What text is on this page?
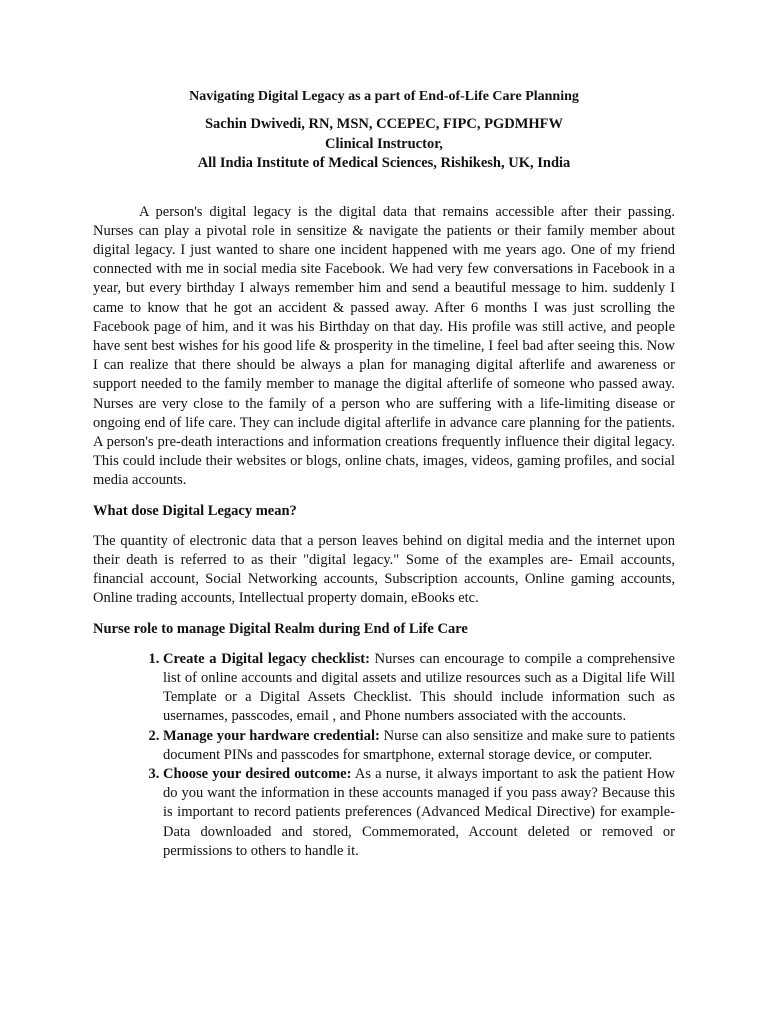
Navigating Digital Legacy as a part of End-of-Life Care Planning
Sachin Dwivedi, RN, MSN, CCEPEC, FIPC, PGDMHFW
Clinical Instructor,
All India Institute of Medical Sciences, Rishikesh, UK, India

A person's digital legacy is the digital data that remains accessible after their passing. Nurses can play a pivotal role in sensitize & navigate the patients or their family member about digital legacy. I just wanted to share one incident happened with me years ago. One of my friend connected with me in social media site Facebook. We had very few conversations in Facebook in a year, but every birthday I always remember him and send a beautiful message to him. suddenly I came to know that he got an accident & passed away. After 6 months I was just scrolling the Facebook page of him, and it was his Birthday on that day. His profile was still active, and people have sent best wishes for his good life & prosperity in the timeline, I feel bad after seeing this. Now I can realize that there should be always a plan for managing digital afterlife and awareness or support needed to the family member to manage the digital afterlife of someone who passed away. Nurses are very close to the family of a person who are suffering with a life-limiting disease or ongoing end of life care. They can include digital afterlife in advance care planning for the patients. A person's pre-death interactions and information creations frequently influence their digital legacy. This could include their websites or blogs, online chats, images, videos, gaming profiles, and social media accounts.

What dose Digital Legacy mean?

The quantity of electronic data that a person leaves behind on digital media and the internet upon their death is referred to as their "digital legacy." Some of the examples are- Email accounts, financial account, Social Networking accounts, Subscription accounts, Online gaming accounts, Online trading accounts, Intellectual property domain, eBooks etc.

Nurse role to manage Digital Realm during End of Life Care
1. Create a Digital legacy checklist: Nurses can encourage to compile a comprehensive list of online accounts and digital assets and utilize resources such as a Digital life Will Template or a Digital Assets Checklist. This should include information such as usernames, passcodes, email , and Phone numbers associated with the accounts.
2. Manage your hardware credential: Nurse can also sensitize and make sure to patients document PINs and passcodes for smartphone, external storage device, or computer.
3. Choose your desired outcome: As a nurse, it always important to ask the patient How do you want the information in these accounts managed if you pass away? Because this is important to record patients preferences (Advanced Medical Directive) for example- Data downloaded and stored, Commemorated, Account deleted or removed or permissions to others to handle it.
